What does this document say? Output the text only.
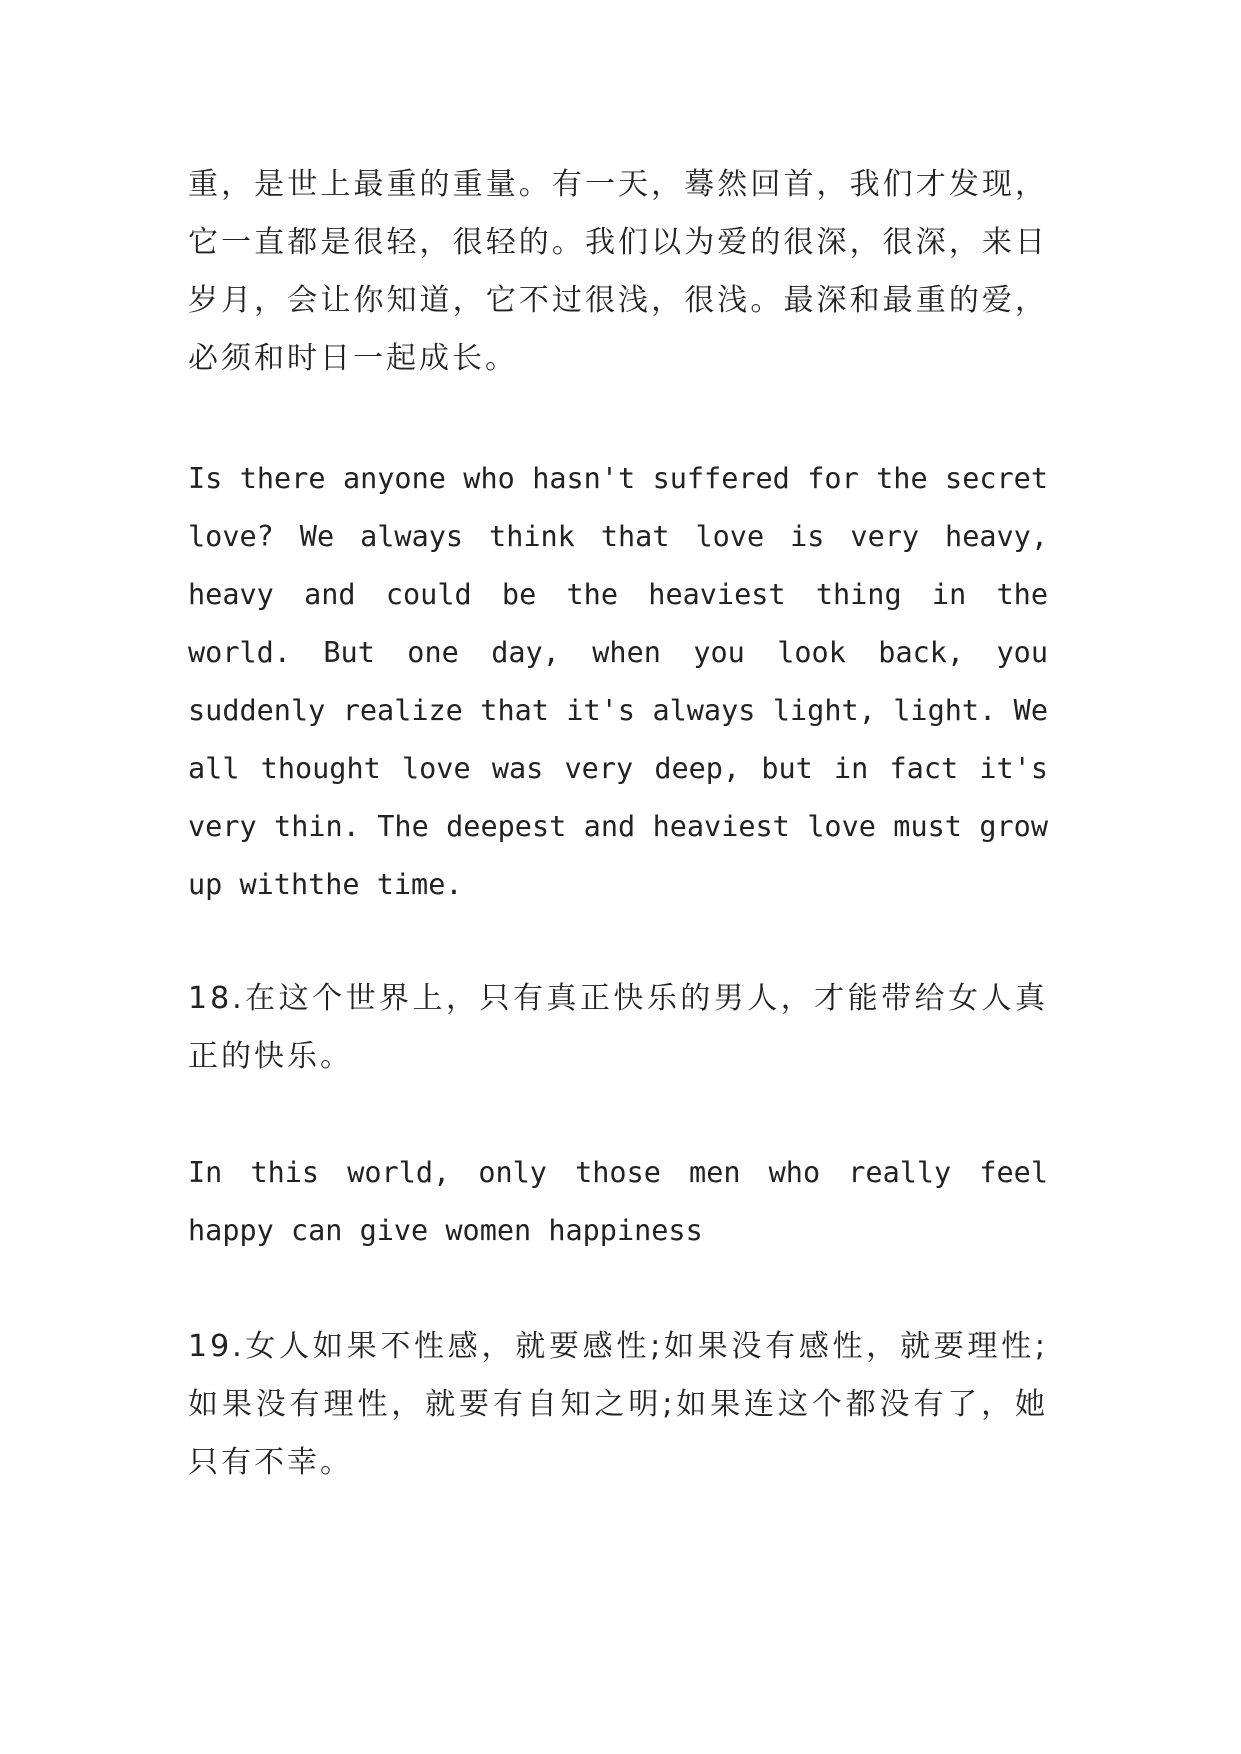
重，是世上最重的重量。有一天，蓦然回首，我们才发现，它一直都是很轻，很轻的。我们以为爱的很深，很深，来日岁月，会让你知道，它不过很浅，很浅。最深和最重的爱，必须和时日一起成长。

Is there anyone who hasn't suffered for the secret love? We always think that love is very heavy, heavy and could be the heaviest thing in the world. But one day, when you look back, you suddenly realize that it's always light, light. We all thought love was very deep, but in fact it's very thin. The deepest and heaviest love must grow up withthe time.

18.在这个世界上，只有真正快乐的男人，才能带给女人真正的快乐。

In this world, only those men who really feel happy can give women happiness

19.女人如果不性感，就要感性;如果没有感性，就要理性;如果没有理性，就要有自知之明;如果连这个都没有了，她只有不幸。
